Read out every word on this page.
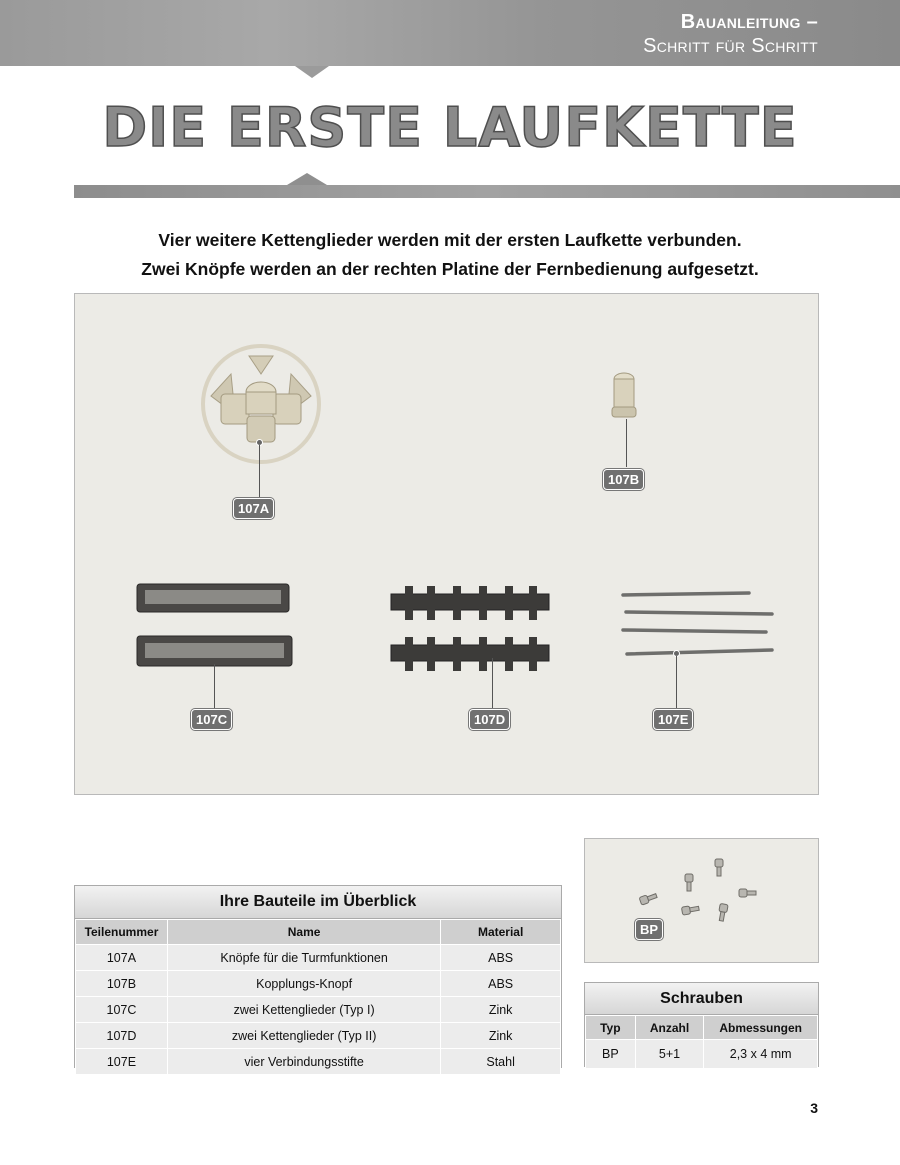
Bauanleitung –
Schritt für Schritt
DIE ERSTE LAUFKETTE
Vier weitere Kettenglieder werden mit der ersten Laufkette verbunden.
Zwei Knöpfe werden an der rechten Platine der Fernbedienung aufgesetzt.
107A
107B
107C	107D	107E
Ihre Bauteile im Überblick
Teilenummer	Name	Material
107A	Knöpfe für die Turmfunktionen	ABS
107B	Kopplungs-Knopf	ABS
107C	zwei Kettenglieder (Typ I)	Zink
107D	zwei Kettenglieder (Typ II)	Zink
107E	vier Verbindungsstifte	Stahl
BP
Schrauben
Typ	Anzahl	Abmessungen
BP	5+1	2,3 x 4 mm
3
